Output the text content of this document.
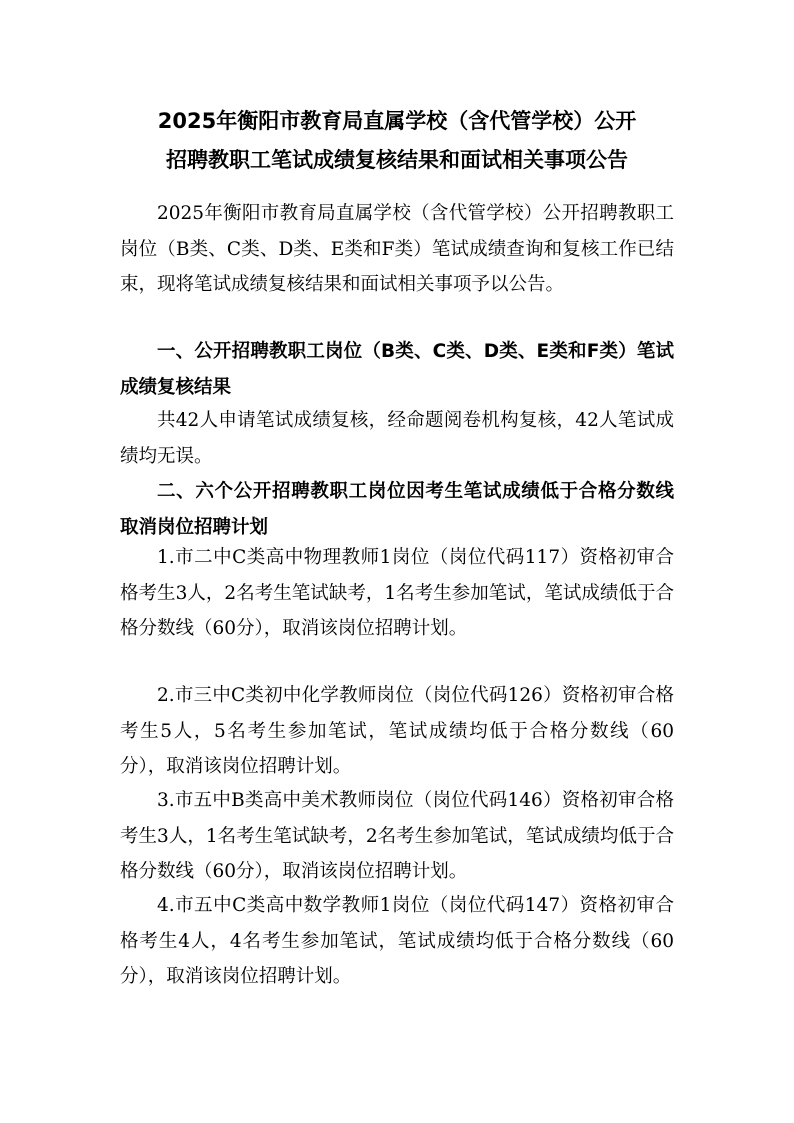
2025年衡阳市教育局直属学校（含代管学校）公开
招聘教职工笔试成绩复核结果和面试相关事项公告

2025年衡阳市教育局直属学校（含代管学校）公开招聘教职工岗位（B类、C类、D类、E类和F类）笔试成绩查询和复核工作已结束，现将笔试成绩复核结果和面试相关事项予以公告。

一、公开招聘教职工岗位（B类、C类、D类、E类和F类）笔试成绩复核结果

共42人申请笔试成绩复核，经命题阅卷机构复核，42人笔试成绩均无误。

二、六个公开招聘教职工岗位因考生笔试成绩低于合格分数线取消岗位招聘计划

1.市二中C类高中物理教师1岗位（岗位代码117）资格初审合格考生3人，2名考生笔试缺考，1名考生参加笔试，笔试成绩低于合格分数线（60分），取消该岗位招聘计划。

2.市三中C类初中化学教师岗位（岗位代码126）资格初审合格考生5人，5名考生参加笔试，笔试成绩均低于合格分数线（60分），取消该岗位招聘计划。

3.市五中B类高中美术教师岗位（岗位代码146）资格初审合格考生3人，1名考生笔试缺考，2名考生参加笔试，笔试成绩均低于合格分数线（60分），取消该岗位招聘计划。

4.市五中C类高中数学教师1岗位（岗位代码147）资格初审合格考生4人，4名考生参加笔试，笔试成绩均低于合格分数线（60分），取消该岗位招聘计划。
